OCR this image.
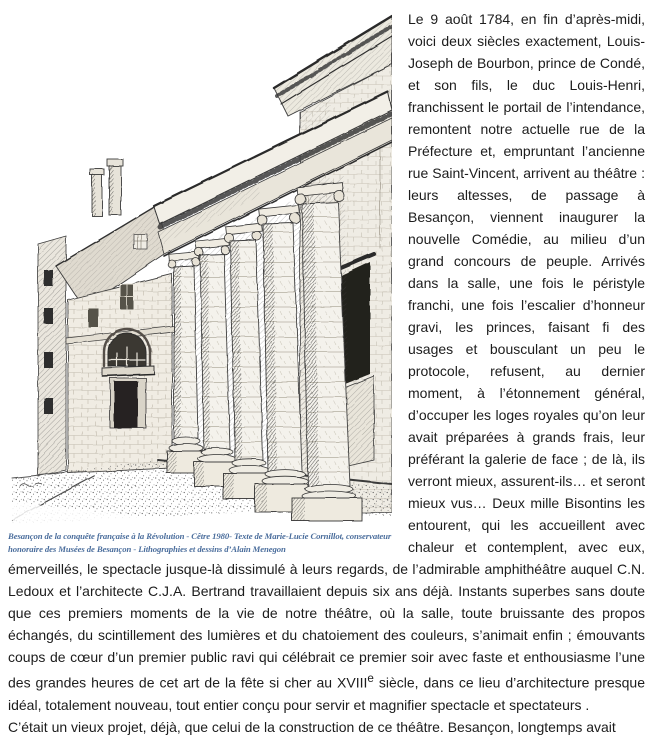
Besançon de la conquête française à la Révolution - Cêtre 1980- Texte de Marie-Lucie Cornillot, conservateur honoraire des Musées de Besançon - Lithographies et dessins d’Alain Menegon

Le 9 août 1784, en fin d’après-midi, voici deux siècles exactement, Louis-Joseph de Bourbon, prince de Condé, et son fils, le duc Louis-Henri, franchissent le portail de l’intendance, remontent notre actuelle rue de la Préfecture et, empruntant l’ancienne rue Saint-Vincent, arrivent au théâtre : leurs altesses, de passage à Besançon, viennent inaugurer la nouvelle Comédie, au milieu d’un grand concours de peuple. Arrivés dans la salle, une fois le péristyle franchi, une fois l’escalier d’honneur gravi, les princes, faisant fi des usages et bousculant un peu le protocole, refusent, au dernier moment, à l’étonnement général, d’occuper les loges royales qu’on leur avait préparées à grands frais, leur préférant la galerie de face ; de là, ils verront mieux, assurent-ils… et seront mieux vus… Deux mille Bisontins les entourent, qui les accueillent avec chaleur et contemplent, avec eux, émerveillés, le spectacle jusque-là dissimulé à leurs regards, de l’admirable amphithéâtre auquel C.N. Ledoux et l’architecte C.J.A. Bertrand travaillaient depuis six ans déjà. Instants superbes sans doute que ces premiers moments de la vie de notre théâtre, où la salle, toute bruissante des propos échangés, du scintillement des lumières et du chatoiement des couleurs, s’animait enfin ; émouvants coups de cœur d’un premier public ravi qui célébrait ce premier soir avec faste et enthousiasme l’une des grandes heures de cet art de la fête si cher au XVIIIe siècle, dans ce lieu d’architecture presque idéal, totalement nouveau, tout entier conçu pour servir et magnifier spectacle et spectateurs .
C’était un vieux projet, déjà, que celui de la construction de ce théâtre. Besançon, longtemps avait
